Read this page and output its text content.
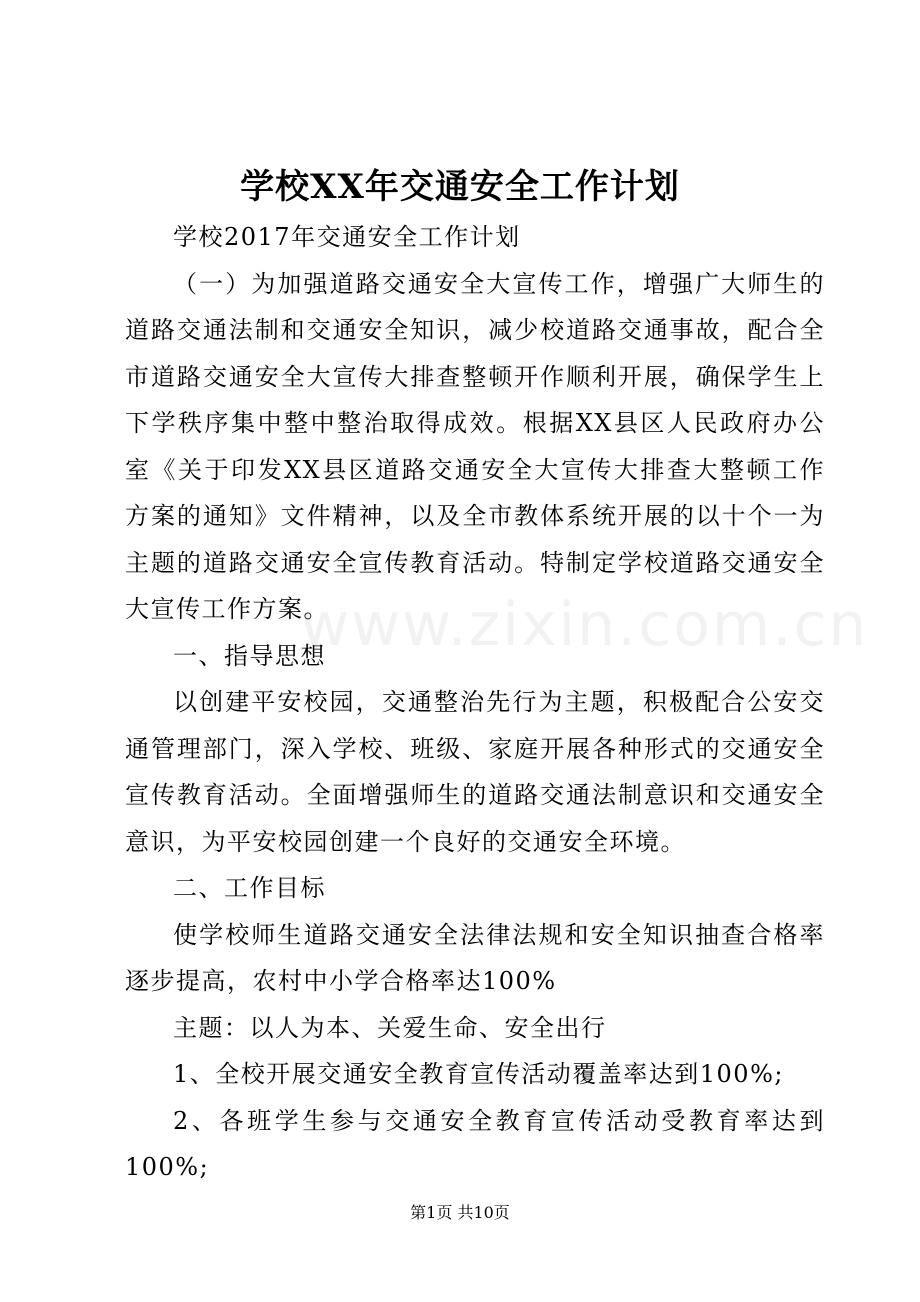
www.zixin.com.cn
学校XX年交通安全工作计划

学校2017年交通安全工作计划

（一）为加强道路交通安全大宣传工作，增强广大师生的道路交通法制和交通安全知识，减少校道路交通事故，配合全市道路交通安全大宣传大排查整顿开作顺利开展，确保学生上下学秩序集中整中整治取得成效。根据XX县区人民政府办公室《关于印发XX县区道路交通安全大宣传大排查大整顿工作方案的通知》文件精神，以及全市教体系统开展的以十个一为主题的道路交通安全宣传教育活动。特制定学校道路交通安全大宣传工作方案。

一、指导思想

以创建平安校园，交通整治先行为主题，积极配合公安交通管理部门，深入学校、班级、家庭开展各种形式的交通安全宣传教育活动。全面增强师生的道路交通法制意识和交通安全意识，为平安校园创建一个良好的交通安全环境。

二、工作目标

使学校师生道路交通安全法律法规和安全知识抽查合格率逐步提高，农村中小学合格率达100%

主题：以人为本、关爱生命、安全出行

1、全校开展交通安全教育宣传活动覆盖率达到100%;

2、各班学生参与交通安全教育宣传活动受教育率达到100%;

第1页 共10页
